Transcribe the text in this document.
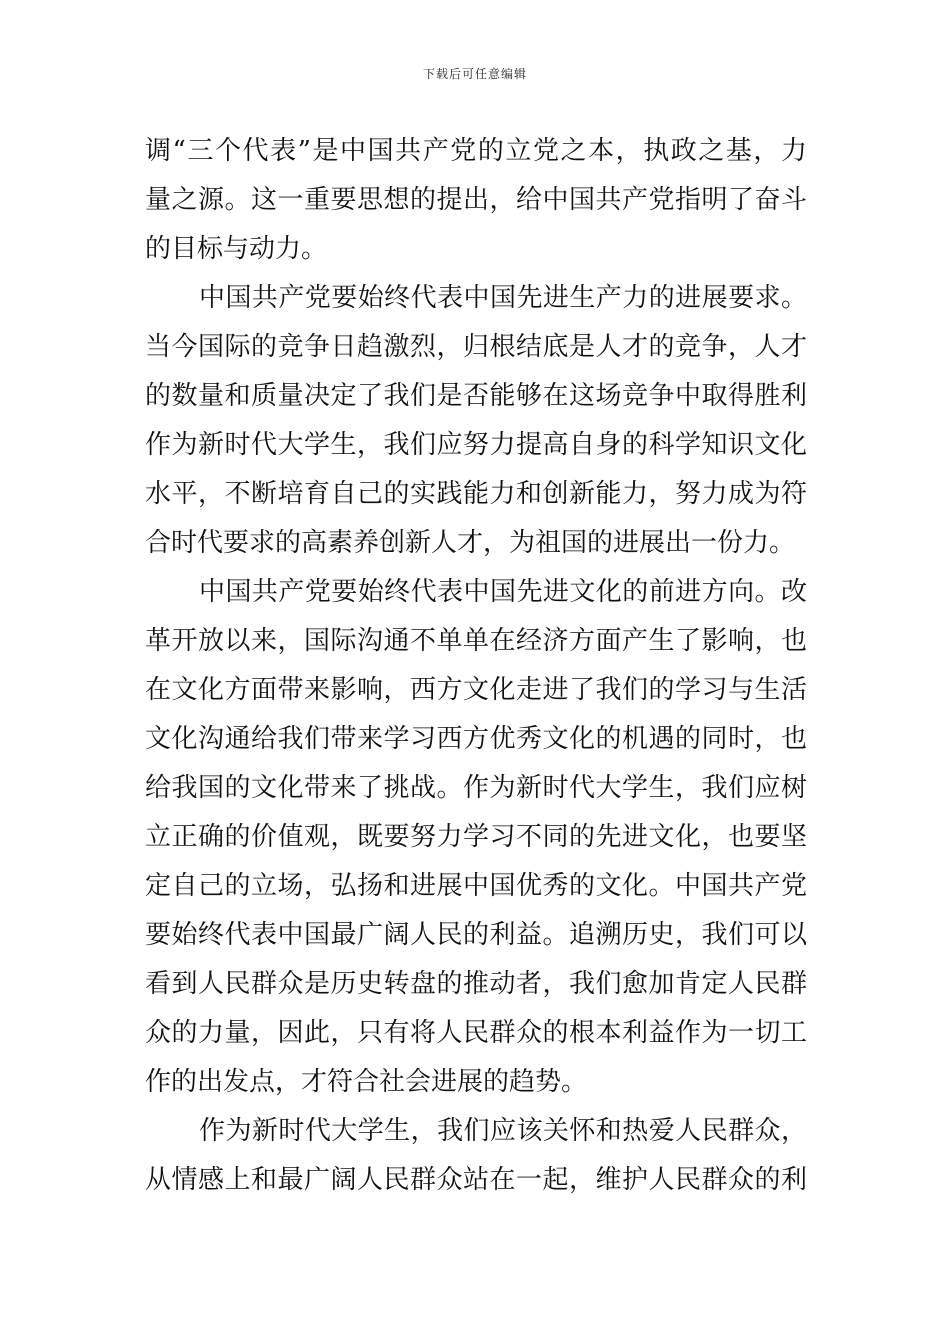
下载后可任意编辑
调“三个代表”是中国共产党的立党之本，执政之基，力
量之源。这一重要思想的提出，给中国共产党指明了奋斗
的目标与动力。
中国共产党要始终代表中国先进生产力的进展要求。
当今国际的竞争日趋激烈，归根结底是人才的竞争，人才
的数量和质量决定了我们是否能够在这场竞争中取得胜利
作为新时代大学生，我们应努力提高自身的科学知识文化
水平，不断培育自己的实践能力和创新能力，努力成为符
合时代要求的高素养创新人才，为祖国的进展出一份力。
中国共产党要始终代表中国先进文化的前进方向。改
革开放以来，国际沟通不单单在经济方面产生了影响，也
在文化方面带来影响，西方文化走进了我们的学习与生活
文化沟通给我们带来学习西方优秀文化的机遇的同时，也
给我国的文化带来了挑战。作为新时代大学生，我们应树
立正确的价值观，既要努力学习不同的先进文化，也要坚
定自己的立场，弘扬和进展中国优秀的文化。中国共产党
要始终代表中国最广阔人民的利益。追溯历史，我们可以
看到人民群众是历史转盘的推动者，我们愈加肯定人民群
众的力量，因此，只有将人民群众的根本利益作为一切工
作的出发点，才符合社会进展的趋势。
作为新时代大学生，我们应该关怀和热爱人民群众，
从情感上和最广阔人民群众站在一起，维护人民群众的利
